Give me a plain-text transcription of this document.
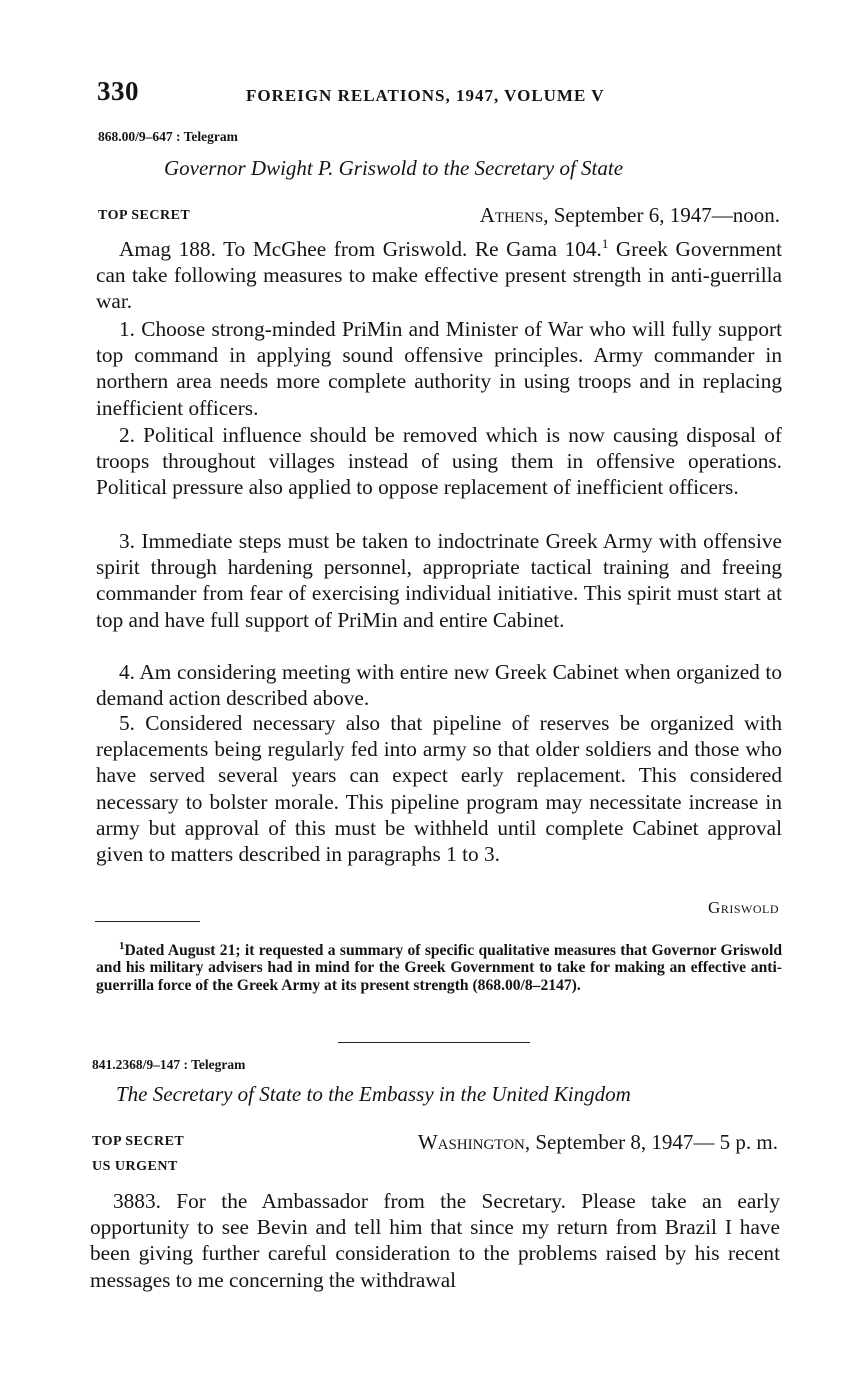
330	FOREIGN RELATIONS, 1947, VOLUME V
868.00/9–647 : Telegram
Governor Dwight P. Griswold to the Secretary of State
TOP SECRET	Athens, September 6, 1947—noon.

Amag 188. To McGhee from Griswold. Re Gama 104.$^1$ Greek Government can take following measures to make effective present strength in anti-guerrilla war.

1. Choose strong-minded PriMin and Minister of War who will fully support top command in applying sound offensive principles. Army commander in northern area needs more complete authority in using troops and in replacing inefficient officers.

2. Political influence should be removed which is now causing disposal of troops throughout villages instead of using them in offensive operations. Political pressure also applied to oppose replacement of inefficient officers.

3. Immediate steps must be taken to indoctrinate Greek Army with offensive spirit through hardening personnel, appropriate tactical training and freeing commander from fear of exercising individual initiative. This spirit must start at top and have full support of PriMin and entire Cabinet.

4. Am considering meeting with entire new Greek Cabinet when organized to demand action described above.

5. Considered necessary also that pipeline of reserves be organized with replacements being regularly fed into army so that older soldiers and those who have served several years can expect early replacement. This considered necessary to bolster morale. This pipeline program may necessitate increase in army but approval of this must be withheld until complete Cabinet approval given to matters described in paragraphs 1 to 3.

Griswold

$^1$Dated August 21; it requested a summary of specific qualitative measures that Governor Griswold and his military advisers had in mind for the Greek Government to take for making an effective anti-guerrilla force of the Greek Army at its present strength (868.00/8–2147).

841.2368/9–147 : Telegram
The Secretary of State to the Embassy in the United Kingdom
TOP SECRET
US URGENT
Washington, September 8, 1947— 5 p. m.

3883. For the Ambassador from the Secretary. Please take an early opportunity to see Bevin and tell him that since my return from Brazil I have been giving further careful consideration to the problems raised by his recent messages to me concerning the withdrawal
